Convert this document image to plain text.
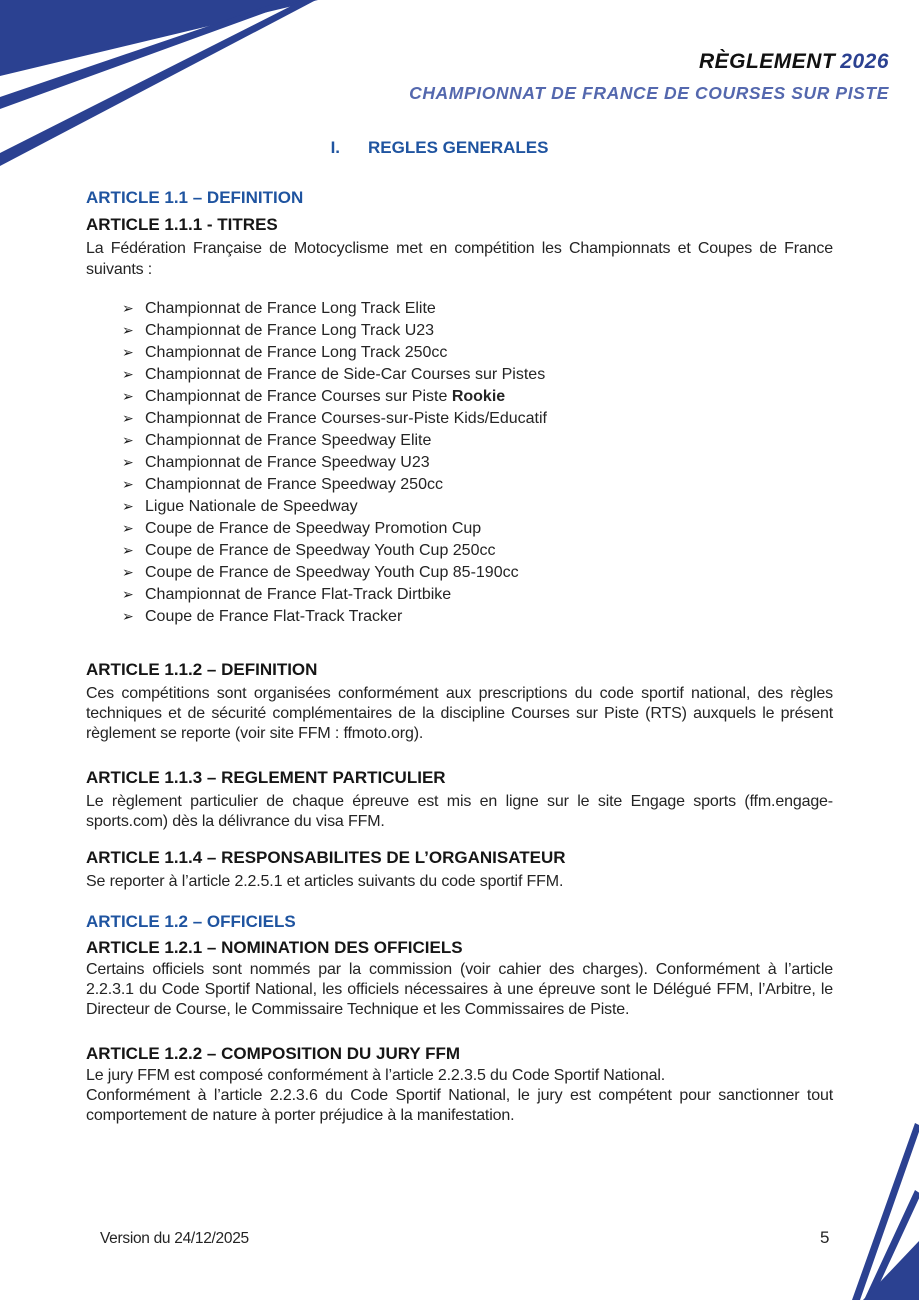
RÈGLEMENT 2026
CHAMPIONNAT DE FRANCE DE COURSES SUR PISTE
I. REGLES GENERALES
ARTICLE 1.1 – DEFINITION
ARTICLE 1.1.1 - TITRES

La Fédération Française de Motocyclisme met en compétition les Championnats et Coupes de France suivants :

➢ Championnat de France Long Track Elite
➢ Championnat de France Long Track U23
➢ Championnat de France Long Track 250cc
➢ Championnat de France de Side-Car Courses sur Pistes
➢ Championnat de France Courses sur Piste Rookie
➢ Championnat de France Courses-sur-Piste Kids/Educatif
➢ Championnat de France Speedway Elite
➢ Championnat de France Speedway U23
➢ Championnat de France Speedway 250cc
➢ Ligue Nationale de Speedway
➢ Coupe de France de Speedway Promotion Cup
➢ Coupe de France de Speedway Youth Cup 250cc
➢ Coupe de France de Speedway Youth Cup 85-190cc
➢ Championnat de France Flat-Track Dirtbike
➢ Coupe de France Flat-Track Tracker
ARTICLE 1.1.2 – DEFINITION

Ces compétitions sont organisées conformément aux prescriptions du code sportif national, des règles techniques et de sécurité complémentaires de la discipline Courses sur Piste (RTS) auxquels le présent règlement se reporte (voir site FFM : ffmoto.org).

ARTICLE 1.1.3 – REGLEMENT PARTICULIER

Le règlement particulier de chaque épreuve est mis en ligne sur le site Engage sports (ffm.engage-sports.com) dès la délivrance du visa FFM.

ARTICLE 1.1.4 – RESPONSABILITES DE L’ORGANISATEUR

Se reporter à l’article 2.2.5.1 et articles suivants du code sportif FFM.

ARTICLE 1.2 – OFFICIELS
ARTICLE 1.2.1 – NOMINATION DES OFFICIELS

Certains officiels sont nommés par la commission (voir cahier des charges). Conformément à l’article 2.2.3.1 du Code Sportif National, les officiels nécessaires à une épreuve sont le Délégué FFM, l’Arbitre, le Directeur de Course, le Commissaire Technique et les Commissaires de Piste.

ARTICLE 1.2.2 – COMPOSITION DU JURY FFM

Le jury FFM est composé conformément à l’article 2.2.3.5 du Code Sportif National.

Conformément à l’article 2.2.3.6 du Code Sportif National, le jury est compétent pour sanctionner tout comportement de nature à porter préjudice à la manifestation.

Version du 24/12/2025	5
